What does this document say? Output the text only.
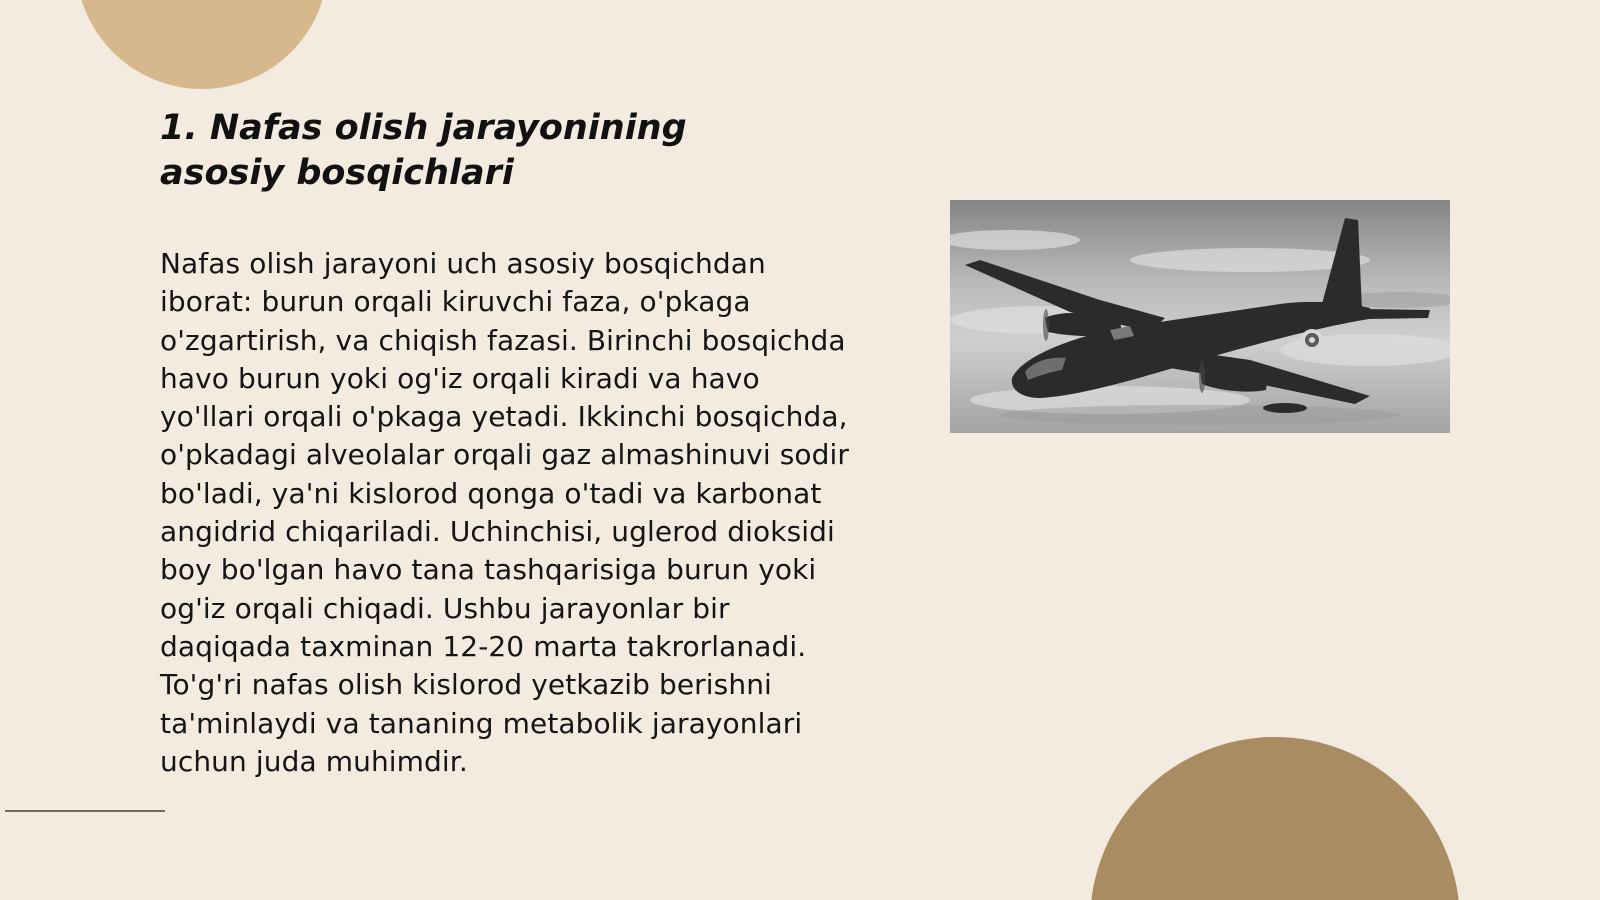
1. Nafas olish jarayonining asosiy bosqichlari

Nafas olish jarayoni uch asosiy bosqichdan iborat: burun orqali kiruvchi faza, o'pkaga o'zgartirish, va chiqish fazasi. Birinchi bosqichda havo burun yoki og'iz orqali kiradi va havo yo'llari orqali o'pkaga yetadi. Ikkinchi bosqichda, o'pkadagi alveolalar orqali gaz almashinuvi sodir bo'ladi, ya'ni kislorod qonga o'tadi va karbonat angidrid chiqariladi. Uchinchisi, uglerod dioksidi boy bo'lgan havo tana tashqarisiga burun yoki og'iz orqali chiqadi. Ushbu jarayonlar bir daqiqada taxminan 12-20 marta takrorlanadi. To'g'ri nafas olish kislorod yetkazib berishni ta'minlaydi va tananing metabolik jarayonlari uchun juda muhimdir.
